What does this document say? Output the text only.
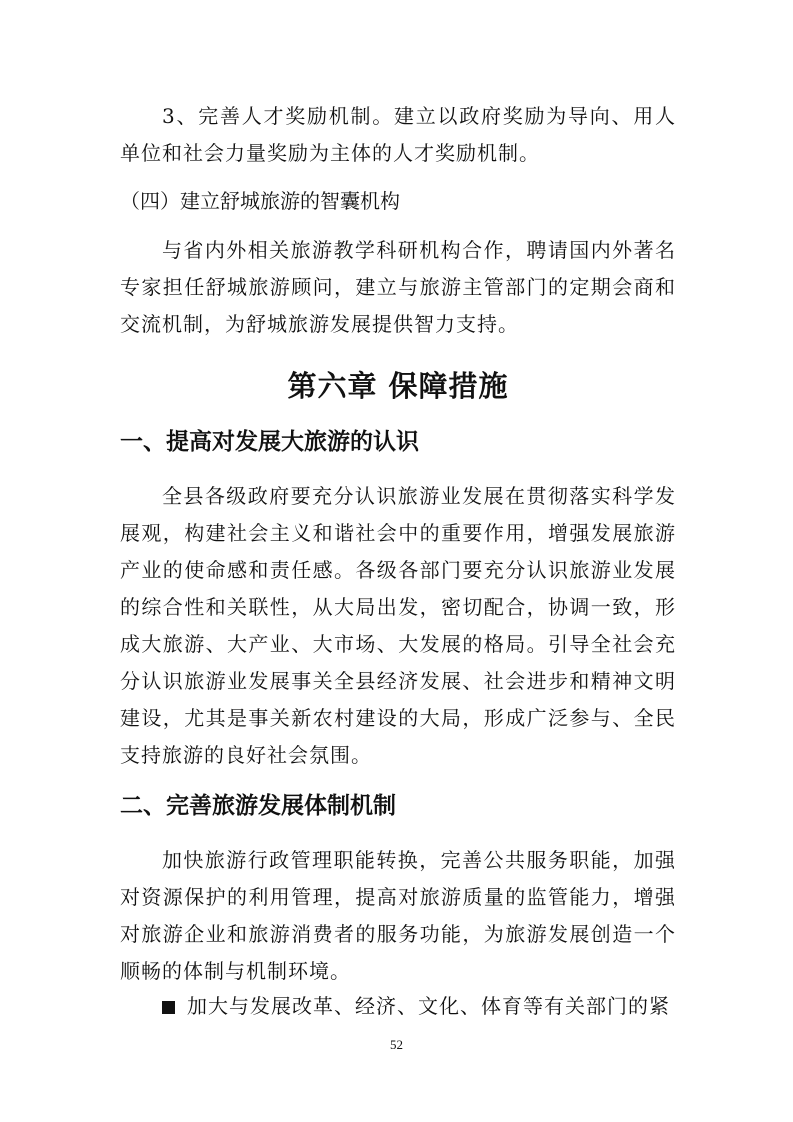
3、完善人才奖励机制。建立以政府奖励为导向、用人单位和社会力量奖励为主体的人才奖励机制。

（四）建立舒城旅游的智囊机构

与省内外相关旅游教学科研机构合作，聘请国内外著名专家担任舒城旅游顾问，建立与旅游主管部门的定期会商和交流机制，为舒城旅游发展提供智力支持。

第六章 保障措施
一、提高对发展大旅游的认识

全县各级政府要充分认识旅游业发展在贯彻落实科学发展观，构建社会主义和谐社会中的重要作用，增强发展旅游产业的使命感和责任感。各级各部门要充分认识旅游业发展的综合性和关联性，从大局出发，密切配合，协调一致，形成大旅游、大产业、大市场、大发展的格局。引导全社会充分认识旅游业发展事关全县经济发展、社会进步和精神文明建设，尤其是事关新农村建设的大局，形成广泛参与、全民支持旅游的良好社会氛围。

二、完善旅游发展体制机制

加快旅游行政管理职能转换，完善公共服务职能，加强对资源保护的利用管理，提高对旅游质量的监管能力，增强对旅游企业和旅游消费者的服务功能，为旅游发展创造一个顺畅的体制与机制环境。

加大与发展改革、经济、文化、体育等有关部门的紧

52
